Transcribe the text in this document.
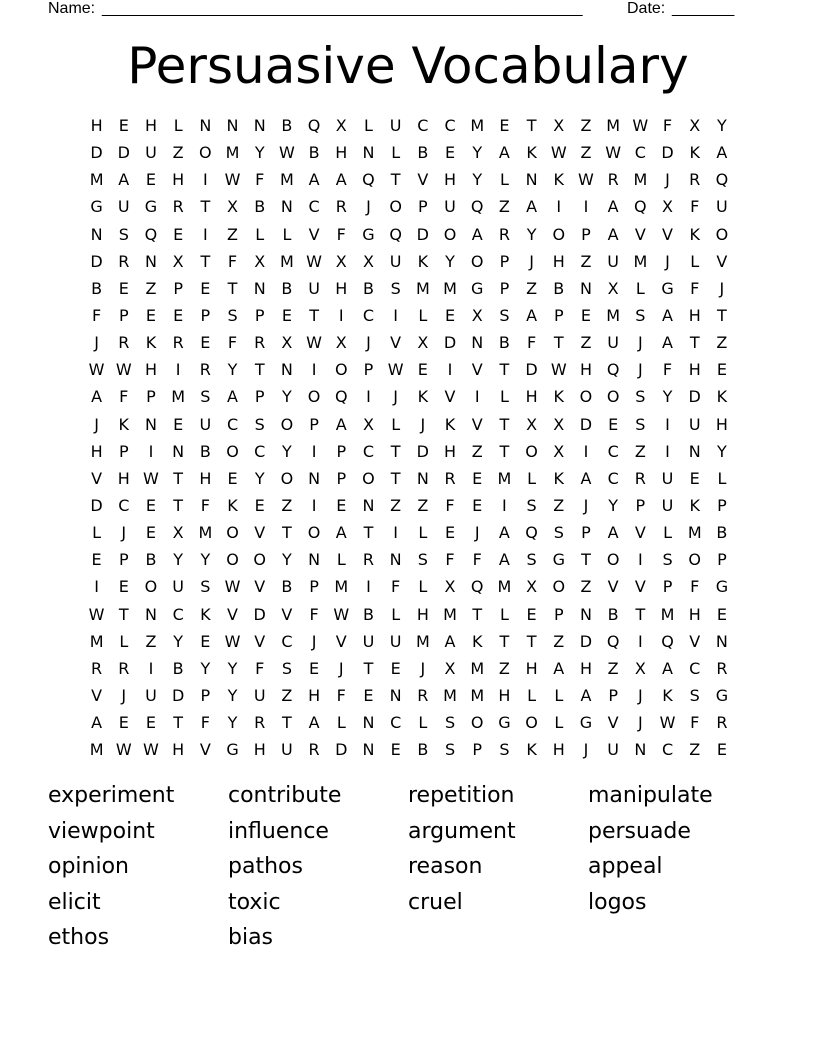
Name: ______________________________________________________	Date: _______
Persuasive Vocabulary
H	E	H	L	N N N B Q X	L	U C	C M E	T	X	Z M W F	X	Y
D D U Z O M Y W B H N	L	B	E	Y	A	K W Z W C D K	A
M A	E	H	I	W F M A	A Q	T	V H	Y	L	N K W R M	J	R Q
G U G R	T	X	B N C	R	J	O	P	U Q Z	A	I	I	A Q X	F	U
N	S Q E	I	Z	L	L	V	F	G Q D O A	R	Y	O	P	A	V	V	K O
D R N X	T	F	X M W X	X U	K	Y	O	P	J	H Z U M	J	L	V
B	E	Z	P	E	T	N B U H B	S M M G	P	Z	B N X	L	G	F	J
F	P	E	E	P	S	P	E	T	I	C	I	L	E	X	S	A	P	E M S	A H	T
J	R	K	R	E	F	R	X W X	J	V	X D N B	F	T	Z U	J	A	T	Z
W W H	I	R	Y	T	N	I	O	P W E	I	V	T	D W H Q	J	F	H	E
A	F	P M S	A	P	Y	O Q	I	J	K	V	I	L	H K O O S	Y	D K
J	K N	E	U C	S O	P	A	X	L	J	K	V	T	X	X D E	S	I	U H
H	P	I	N B O C	Y	I	P	C	T	D H Z	T	O X	I	C	Z	I	N	Y
V H W T	H	E	Y	O N	P	O	T	N R	E M L	K	A	C	R U	E	L
D C	E	T	F	K	E	Z	I	E	N Z	Z	F	E	I	S	Z	J	Y	P	U	K	P
L	J	E	X M O V	T	O A	T	I	L	E	J	A Q S	P	A	V	L M B
E	P	B	Y	Y	O O	Y	N	L	R N	S	F	F	A	S G	T	O	I	S O	P
I	E O U	S W V	B	P M	I	F	L	X Q M X O Z	V	V	P	F	G
W T	N C	K	V D V	F W B	L	H M T	L	E	P	N B	T M H	E
M L	Z	Y	E W V	C	J	V U U M A	K	T	T	Z D Q	I	Q V N
R	R	I	B	Y	Y	F	S	E	J	T	E	J	X M Z H A H Z	X	A	C	R
V	J	U D	P	Y	U Z H	F	E	N R M M H	L	L	A	P	J	K	S G
A	E	E	T	F	Y	R	T	A	L	N C	L	S O G O	L	G V	J	W F	R
M W W H V G H U R D N	E	B	S	P	S	K H	J	U N C	Z	E
experiment	contribute	repetition	manipulate
viewpoint	influence	argument	persuade
opinion	pathos	reason	appeal
elicit	toxic	cruel	logos
ethos	bias
